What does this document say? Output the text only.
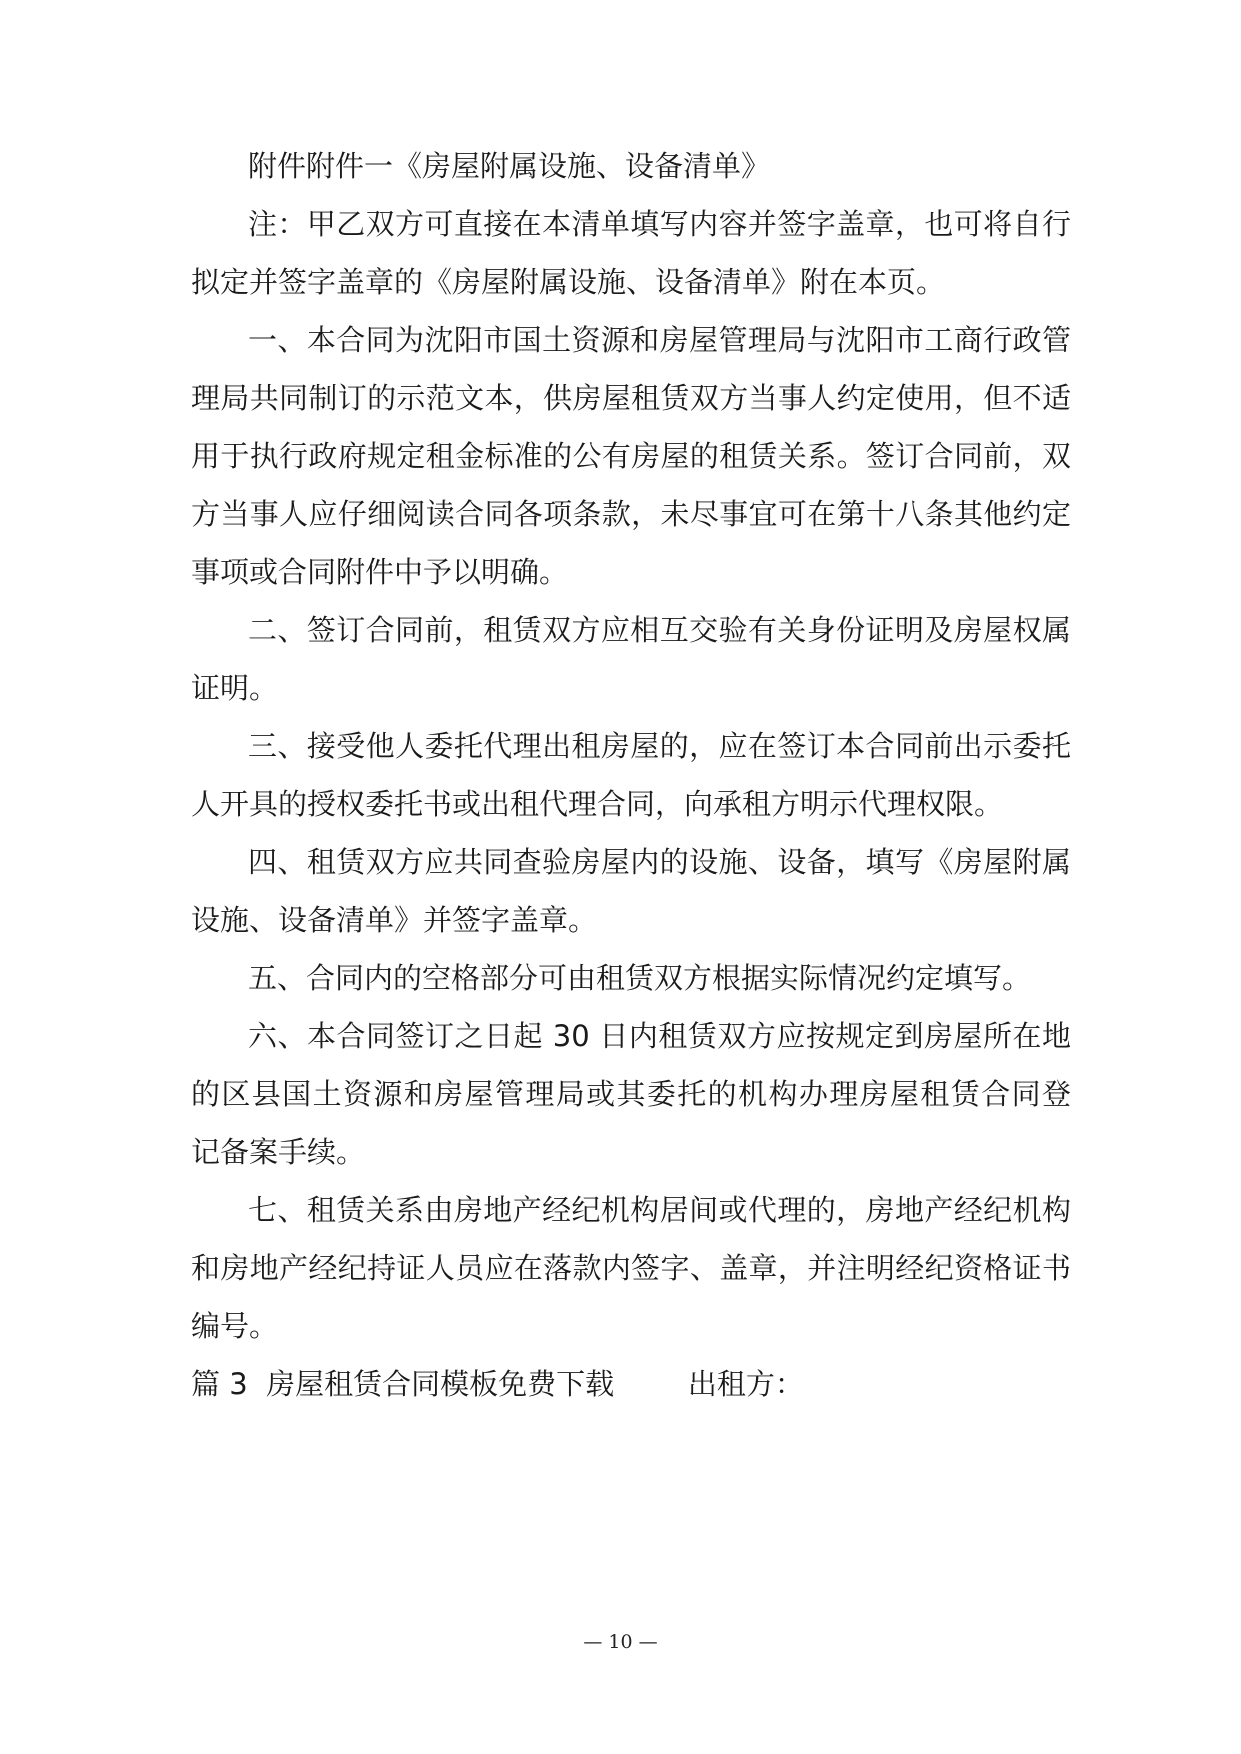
附件附件一《房屋附属设施、设备清单》
注：甲乙双方可直接在本清单填写内容并签字盖章，也可将自行
拟定并签字盖章的《房屋附属设施、设备清单》附在本页。
一、本合同为沈阳市国土资源和房屋管理局与沈阳市工商行政管
理局共同制订的示范文本，供房屋租赁双方当事人约定使用，但不适
用于执行政府规定租金标准的公有房屋的租赁关系。签订合同前，双
方当事人应仔细阅读合同各项条款，未尽事宜可在第十八条其他约定
事项或合同附件中予以明确。
二、签订合同前，租赁双方应相互交验有关身份证明及房屋权属
证明。
三、接受他人委托代理出租房屋的，应在签订本合同前出示委托
人开具的授权委托书或出租代理合同，向承租方明示代理权限。
四、租赁双方应共同查验房屋内的设施、设备，填写《房屋附属
设施、设备清单》并签字盖章。
五、合同内的空格部分可由租赁双方根据实际情况约定填写。
六、本合同签订之日起 30 日内租赁双方应按规定到房屋所在地
的区县国土资源和房屋管理局或其委托的机构办理房屋租赁合同登
记备案手续。
七、租赁关系由房地产经纪机构居间或代理的，房地产经纪机构
和房地产经纪持证人员应在落款内签字、盖章，并注明经纪资格证书
编号。
篇 3  房屋租赁合同模板免费下载        出租方：
— 10 —
